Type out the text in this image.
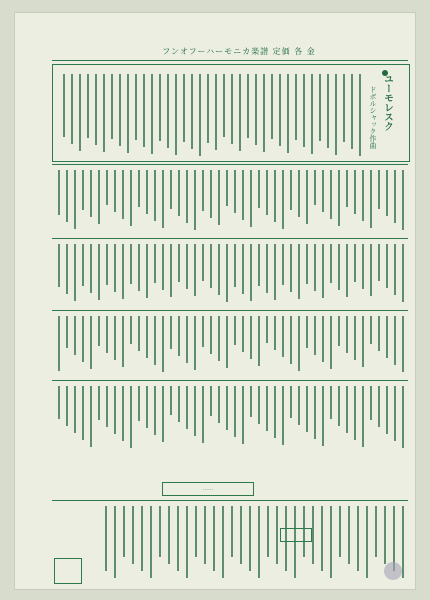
フンオフーハーモニカ楽譜 定価 各 金
ユーモレスク
ドボルシャック作曲
……
